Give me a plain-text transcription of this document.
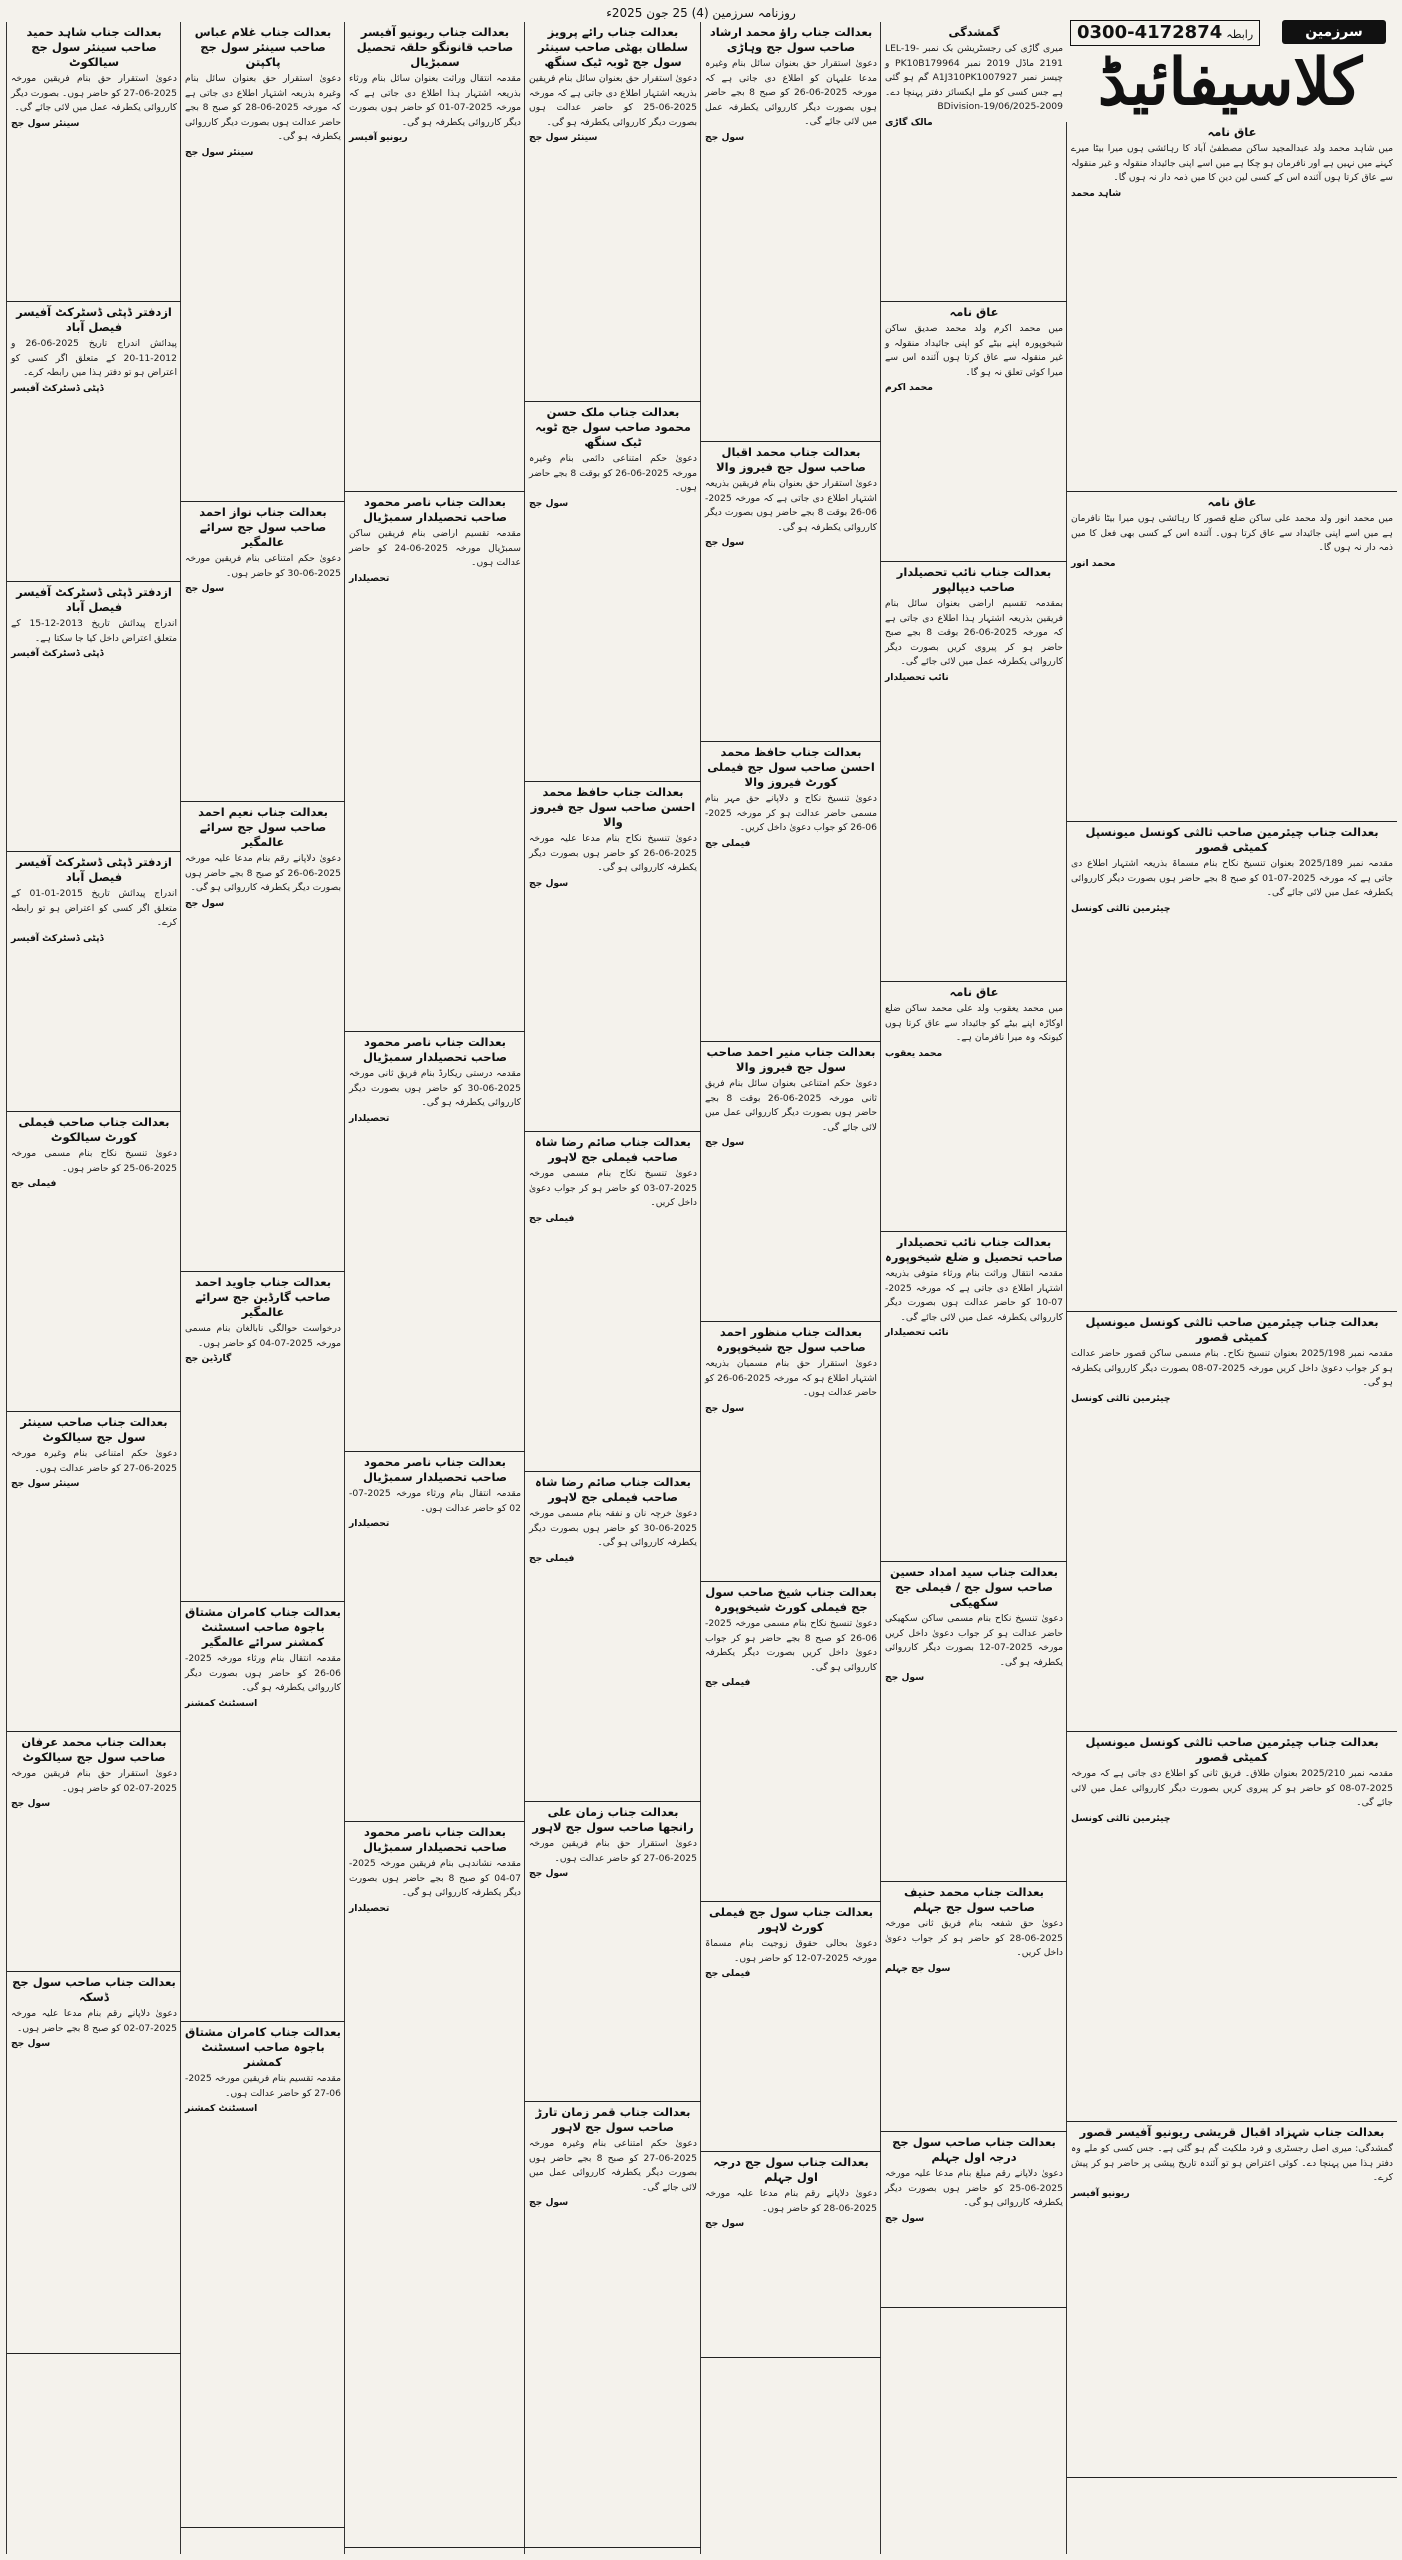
روزنامہ سرزمین (4) 25 جون 2025ء
سرزمین
0300-4172874 رابطہ
کلاسیفائیڈ
عاق نامہ

میں شاہد محمد ولد عبدالمجید ساکن مصطفیٰ آباد کا رہائشی ہوں میرا بیٹا میرے کہنے میں نہیں ہے اور نافرمان ہو چکا ہے میں اسے اپنی جائیداد منقولہ و غیر منقولہ سے عاق کرتا ہوں آئندہ اس کے کسی لین دین کا میں ذمہ دار نہ ہوں گا۔

شاہد محمد
عاق نامہ

میں محمد انور ولد محمد علی ساکن ضلع قصور کا رہائشی ہوں میرا بیٹا نافرمان ہے میں اسے اپنی جائیداد سے عاق کرتا ہوں۔ آئندہ اس کے کسی بھی فعل کا میں ذمہ دار نہ ہوں گا۔

محمد انور
بعدالت جناب چیئرمین صاحب ثالثی کونسل میونسپل کمیٹی قصور

مقدمہ نمبر 2025/189 بعنوان تنسیخ نکاح بنام مسماۃ بذریعہ اشتہار اطلاع دی جاتی ہے کہ مورخہ 2025-07-01 کو صبح 8 بجے حاضر ہوں بصورت دیگر کارروائی یکطرفہ عمل میں لائی جائے گی۔

چیئرمین ثالثی کونسل
بعدالت جناب چیئرمین صاحب ثالثی کونسل میونسپل کمیٹی قصور

مقدمہ نمبر 2025/198 بعنوان تنسیخ نکاح۔ بنام مسمی ساکن قصور حاضر عدالت ہو کر جواب دعویٰ داخل کریں مورخہ 2025-07-08 بصورت دیگر کارروائی یکطرفہ ہو گی۔

چیئرمین ثالثی کونسل
بعدالت جناب چیئرمین صاحب ثالثی کونسل میونسپل کمیٹی قصور

مقدمہ نمبر 2025/210 بعنوان طلاق۔ فریق ثانی کو اطلاع دی جاتی ہے کہ مورخہ 2025-07-08 کو حاضر ہو کر پیروی کریں بصورت دیگر کارروائی عمل میں لائی جائے گی۔

چیئرمین ثالثی کونسل
بعدالت جناب شہزاد اقبال قریشی ریونیو آفیسر قصور

گمشدگی: میری اصل رجسٹری و فرد ملکیت گم ہو گئی ہے۔ جس کسی کو ملے وہ دفتر ہذا میں پہنچا دے۔ کوئی اعتراض ہو تو آئندہ تاریخ پیشی پر حاضر ہو کر پیش کرے۔

ریونیو آفیسر
گمشدگی

میری گاڑی کی رجسٹریشن بک نمبر LEL-19-2191 ماڈل 2019 نمبر PK10B179964 و چیسز نمبر A1J310PK1007927 گم ہو گئی ہے جس کسی کو ملے ایکسائز دفتر پہنچا دے۔ BDivision-19/06/2025-2009

مالک گاڑی
عاق نامہ

میں محمد اکرم ولد محمد صدیق ساکن شیخوپورہ اپنے بیٹے کو اپنی جائیداد منقولہ و غیر منقولہ سے عاق کرتا ہوں آئندہ اس سے میرا کوئی تعلق نہ ہو گا۔

محمد اکرم
بعدالت جناب نائب تحصیلدار صاحب دیپالپور

بمقدمہ تقسیم اراضی بعنوان سائل بنام فریقین بذریعہ اشتہار ہذا اطلاع دی جاتی ہے کہ مورخہ 2025-06-26 بوقت 8 بجے صبح حاضر ہو کر پیروی کریں بصورت دیگر کارروائی یکطرفہ عمل میں لائی جائے گی۔

نائب تحصیلدار
عاق نامہ

میں محمد یعقوب ولد علی محمد ساکن ضلع اوکاڑہ اپنے بیٹے کو جائیداد سے عاق کرتا ہوں کیونکہ وہ میرا نافرمان ہے۔

محمد یعقوب
بعدالت جناب نائب تحصیلدار صاحب تحصیل و ضلع شیخوپورہ

مقدمہ انتقال وراثت بنام ورثاء متوفی بذریعہ اشتہار اطلاع دی جاتی ہے کہ مورخہ 2025-07-10 کو حاضر عدالت ہوں بصورت دیگر کارروائی یکطرفہ عمل میں لائی جائے گی۔

نائب تحصیلدار
بعدالت جناب سید امداد حسین صاحب سول جج / فیملی جج سکھیکی

دعویٰ تنسیخ نکاح بنام مسمی ساکن سکھیکی حاضر عدالت ہو کر جواب دعویٰ داخل کریں مورخہ 2025-07-12 بصورت دیگر کارروائی یکطرفہ ہو گی۔

سول جج
بعدالت جناب محمد حنیف صاحب سول جج جہلم

دعویٰ حق شفعہ بنام فریق ثانی مورخہ 2025-06-28 کو حاضر ہو کر جواب دعویٰ داخل کریں۔

سول جج جہلم
بعدالت جناب صاحب سول جج درجہ اول جہلم

دعویٰ دلاپانے رقم مبلغ بنام مدعا علیہ مورخہ 2025-06-25 کو حاضر ہوں بصورت دیگر یکطرفہ کارروائی ہو گی۔

سول جج
بعدالت جناب راؤ محمد ارشاد صاحب سول جج وہاڑی

دعویٰ استقرار حق بعنوان سائل بنام وغیرہ مدعا علیہان کو اطلاع دی جاتی ہے کہ مورخہ 2025-06-26 کو صبح 8 بجے حاضر ہوں بصورت دیگر کارروائی یکطرفہ عمل میں لائی جائے گی۔

سول جج
بعدالت جناب محمد اقبال صاحب سول جج فیروز والا

دعویٰ استقرار حق بعنوان بنام فریقین بذریعہ اشتہار اطلاع دی جاتی ہے کہ مورخہ 2025-06-26 بوقت 8 بجے حاضر ہوں بصورت دیگر کارروائی یکطرفہ ہو گی۔

سول جج
بعدالت جناب حافظ محمد احسن صاحب سول جج فیملی کورٹ فیروز والا

دعویٰ تنسیخ نکاح و دلاپانے حق مہر بنام مسمی حاضر عدالت ہو کر مورخہ 2025-06-26 کو جواب دعویٰ داخل کریں۔

فیملی جج
بعدالت جناب منیر احمد صاحب سول جج فیروز والا

دعویٰ حکم امتناعی بعنوان سائل بنام فریق ثانی مورخہ 2025-06-26 بوقت 8 بجے حاضر ہوں بصورت دیگر کارروائی عمل میں لائی جائے گی۔

سول جج
بعدالت جناب منظور احمد صاحب سول جج شیخوپورہ

دعویٰ استقرار حق بنام مسمیان بذریعہ اشتہار اطلاع ہو کہ مورخہ 2025-06-26 کو حاضر عدالت ہوں۔

سول جج
بعدالت جناب شیخ صاحب سول جج فیملی کورٹ شیخوپورہ

دعویٰ تنسیخ نکاح بنام مسمی مورخہ 2025-06-26 کو صبح 8 بجے حاضر ہو کر جواب دعویٰ داخل کریں بصورت دیگر یکطرفہ کارروائی ہو گی۔

فیملی جج
بعدالت جناب سول جج فیملی کورٹ لاہور

دعویٰ بحالی حقوق زوجیت بنام مسماۃ مورخہ 2025-07-12 کو حاضر ہوں۔

فیملی جج
بعدالت جناب سول جج درجہ اول جہلم

دعویٰ دلاپانے رقم بنام مدعا علیہ مورخہ 2025-06-28 کو حاضر ہوں۔

سول جج
بعدالت جناب رائے پرویز سلطان بھٹی صاحب سینئر سول جج ٹوبہ ٹیک سنگھ

دعویٰ استقرار حق بعنوان سائل بنام فریقین بذریعہ اشتہار اطلاع دی جاتی ہے کہ مورخہ 2025-06-25 کو حاضر عدالت ہوں بصورت دیگر کارروائی یکطرفہ ہو گی۔

سینئر سول جج
بعدالت جناب ملک حسن محمود صاحب سول جج ٹوبہ ٹیک سنگھ

دعویٰ حکم امتناعی دائمی بنام وغیرہ مورخہ 2025-06-26 کو بوقت 8 بجے حاضر ہوں۔

سول جج
بعدالت جناب حافظ محمد احسن صاحب سول جج فیروز والا

دعویٰ تنسیخ نکاح بنام مدعا علیہ مورخہ 2025-06-26 کو حاضر ہوں بصورت دیگر یکطرفہ کارروائی ہو گی۔

سول جج
بعدالت جناب صائم رضا شاہ صاحب فیملی جج لاہور

دعویٰ تنسیخ نکاح بنام مسمی مورخہ 2025-07-03 کو حاضر ہو کر جواب دعویٰ داخل کریں۔

فیملی جج
بعدالت جناب صائم رضا شاہ صاحب فیملی جج لاہور

دعویٰ خرچہ نان و نفقہ بنام مسمی مورخہ 2025-06-30 کو حاضر ہوں بصورت دیگر یکطرفہ کارروائی ہو گی۔

فیملی جج
بعدالت جناب زمان علی رانجھا صاحب سول جج لاہور

دعویٰ استقرار حق بنام فریقین مورخہ 2025-06-27 کو حاضر عدالت ہوں۔

سول جج
بعدالت جناب قمر زمان تارڑ صاحب سول جج لاہور

دعویٰ حکم امتناعی بنام وغیرہ مورخہ 2025-06-27 کو صبح 8 بجے حاضر ہوں بصورت دیگر یکطرفہ کارروائی عمل میں لائی جائے گی۔

سول جج
بعدالت جناب ریونیو آفیسر صاحب قانونگو حلقہ تحصیل سمبڑیال

مقدمہ انتقال وراثت بعنوان سائل بنام ورثاء بذریعہ اشتہار ہذا اطلاع دی جاتی ہے کہ مورخہ 2025-07-01 کو حاضر ہوں بصورت دیگر کارروائی یکطرفہ ہو گی۔

ریونیو آفیسر
بعدالت جناب ناصر محمود صاحب تحصیلدار سمبڑیال

مقدمہ تقسیم اراضی بنام فریقین ساکن سمبڑیال مورخہ 2025-06-24 کو حاضر عدالت ہوں۔

تحصیلدار
بعدالت جناب ناصر محمود صاحب تحصیلدار سمبڑیال

مقدمہ درستی ریکارڈ بنام فریق ثانی مورخہ 2025-06-30 کو حاضر ہوں بصورت دیگر کارروائی یکطرفہ ہو گی۔

تحصیلدار
بعدالت جناب ناصر محمود صاحب تحصیلدار سمبڑیال

مقدمہ انتقال بنام ورثاء مورخہ 2025-07-02 کو حاضر عدالت ہوں۔

تحصیلدار
بعدالت جناب ناصر محمود صاحب تحصیلدار سمبڑیال

مقدمہ نشاندہی بنام فریقین مورخہ 2025-07-04 کو صبح 8 بجے حاضر ہوں بصورت دیگر یکطرفہ کارروائی ہو گی۔

تحصیلدار
بعدالت جناب غلام عباس صاحب سینئر سول جج پاکپتن

دعویٰ استقرار حق بعنوان سائل بنام وغیرہ بذریعہ اشتہار اطلاع دی جاتی ہے کہ مورخہ 2025-06-28 کو صبح 8 بجے حاضر عدالت ہوں بصورت دیگر کارروائی یکطرفہ ہو گی۔

سینئر سول جج
بعدالت جناب نواز احمد صاحب سول جج سرائے عالمگیر

دعویٰ حکم امتناعی بنام فریقین مورخہ 2025-06-30 کو حاضر ہوں۔

سول جج
بعدالت جناب نعیم احمد صاحب سول جج سرائے عالمگیر

دعویٰ دلاپانے رقم بنام مدعا علیہ مورخہ 2025-06-26 کو صبح 8 بجے حاضر ہوں بصورت دیگر یکطرفہ کارروائی ہو گی۔

سول جج
بعدالت جناب جاوید احمد صاحب گارڈین جج سرائے عالمگیر

درخواست حوالگی نابالغان بنام مسمی مورخہ 2025-07-04 کو حاضر ہوں۔

گارڈین جج
بعدالت جناب کامران مشتاق باجوہ صاحب اسسٹنٹ کمشنر سرائے عالمگیر

مقدمہ انتقال بنام ورثاء مورخہ 2025-06-26 کو حاضر ہوں بصورت دیگر کارروائی یکطرفہ ہو گی۔

اسسٹنٹ کمشنر
بعدالت جناب کامران مشتاق باجوہ صاحب اسسٹنٹ کمشنر

مقدمہ تقسیم بنام فریقین مورخہ 2025-06-27 کو حاضر عدالت ہوں۔

اسسٹنٹ کمشنر
بعدالت جناب شاہد حمید صاحب سینئر سول جج سیالکوٹ

دعویٰ استقرار حق بنام فریقین مورخہ 2025-06-27 کو حاضر ہوں۔ بصورت دیگر کارروائی یکطرفہ عمل میں لائی جائے گی۔

سینئر سول جج
ازدفتر ڈپٹی ڈسٹرکٹ آفیسر فیصل آباد

پیدائش اندراج تاریخ 2025-06-26 و 2012-11-20 کے متعلق اگر کسی کو اعتراض ہو تو دفتر ہذا میں رابطہ کرے۔

ڈپٹی ڈسٹرکٹ آفیسر
ازدفتر ڈپٹی ڈسٹرکٹ آفیسر فیصل آباد

اندراج پیدائش تاریخ 2013-12-15 کے متعلق اعتراض داخل کیا جا سکتا ہے۔

ڈپٹی ڈسٹرکٹ آفیسر
ازدفتر ڈپٹی ڈسٹرکٹ آفیسر فیصل آباد

اندراج پیدائش تاریخ 2015-01-01 کے متعلق اگر کسی کو اعتراض ہو تو رابطہ کرے۔

ڈپٹی ڈسٹرکٹ آفیسر
بعدالت جناب صاحب فیملی کورٹ سیالکوٹ

دعویٰ تنسیخ نکاح بنام مسمی مورخہ 2025-06-25 کو حاضر ہوں۔

فیملی جج
بعدالت جناب صاحب سینئر سول جج سیالکوٹ

دعویٰ حکم امتناعی بنام وغیرہ مورخہ 2025-06-27 کو حاضر عدالت ہوں۔

سینئر سول جج
بعدالت جناب محمد عرفان صاحب سول جج سیالکوٹ

دعویٰ استقرار حق بنام فریقین مورخہ 2025-07-02 کو حاضر ہوں۔

سول جج
بعدالت جناب صاحب سول جج ڈسکہ

دعویٰ دلاپانے رقم بنام مدعا علیہ مورخہ 2025-07-02 کو صبح 8 بجے حاضر ہوں۔

سول جج
